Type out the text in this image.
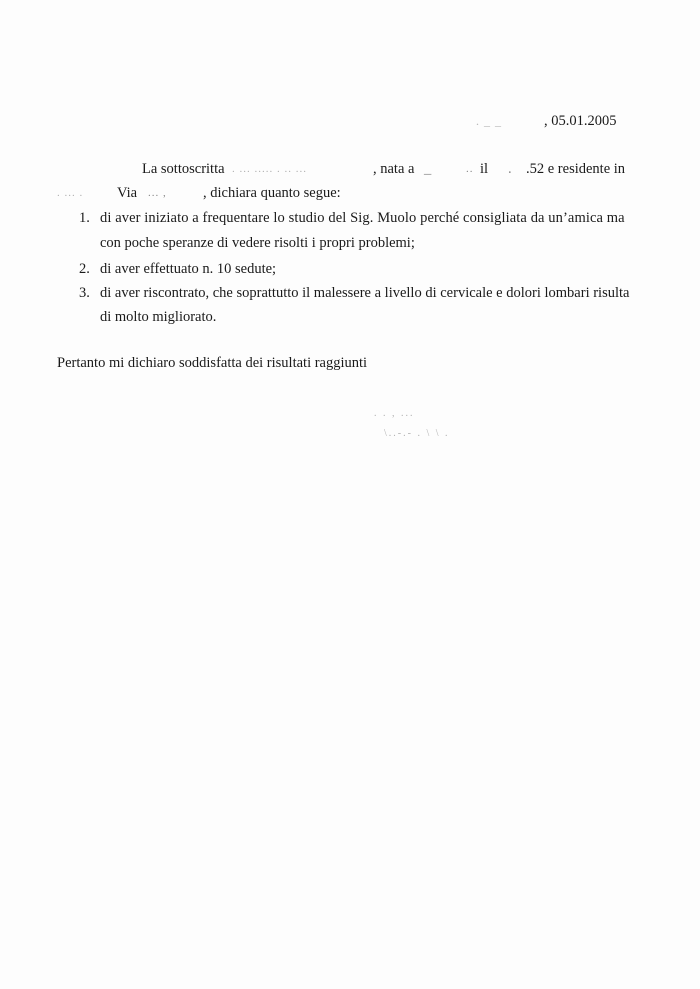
. _ _	, 05.01.2005
La sottoscritta . ... ..... . .. ...	, nata a _	.. il . .52 e residente in
. ... . Via ... ,	, dichiara quanto segue:
1. di aver iniziato a frequentare lo studio del Sig. Muolo perché consigliata da un’amica ma
con poche speranze di vedere risolti i propri problemi;
2. di aver effettuato n. 10 sedute;
3. di aver riscontrato, che soprattutto il malessere a livello di cervicale e dolori lombari risulta
di molto migliorato.
Pertanto mi dichiaro soddisfatta dei risultati raggiunti
. . , ...
\..-.- . \ \ .
